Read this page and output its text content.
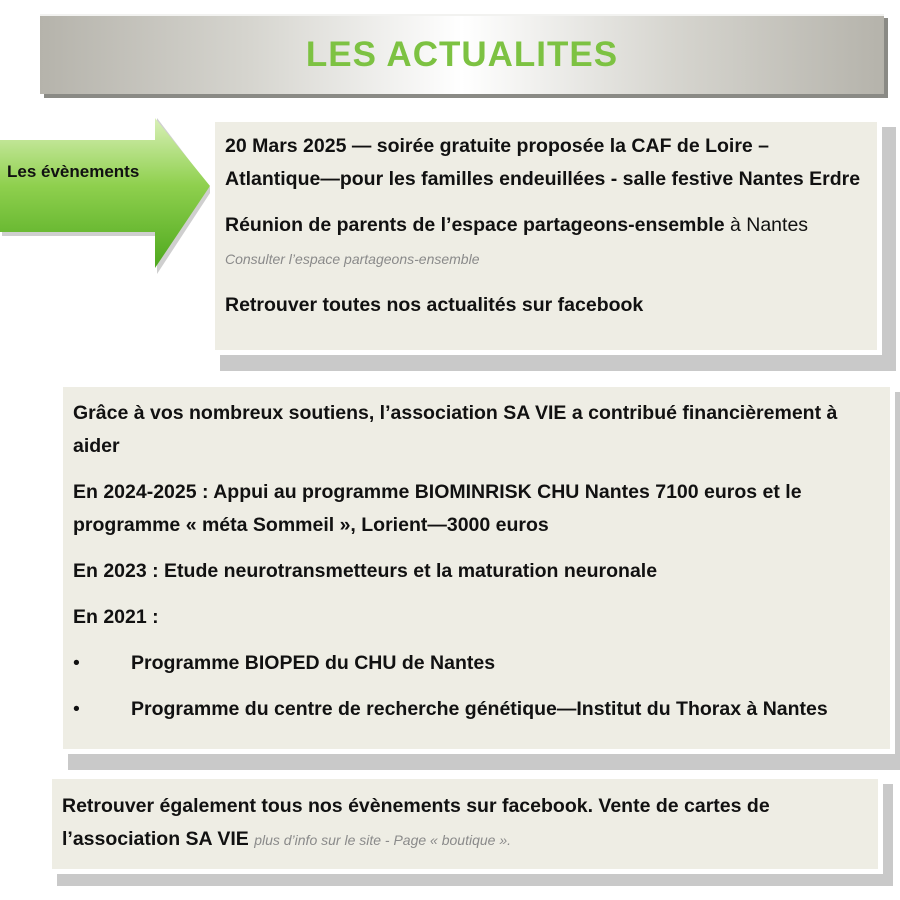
LES ACTUALITES
Les évènements

20 Mars 2025 — soirée gratuite proposée la CAF de Loire – Atlantique—pour les familles endeuillées - salle festive Nantes Erdre

Réunion de parents de l’espace partageons-ensemble à Nantes Consulter l’espace partageons-ensemble

Retrouver toutes nos actualités sur facebook

Grâce à vos nombreux soutiens, l’association SA VIE a contribué financièrement à aider

En 2024-2025 : Appui au programme BIOMINRISK CHU Nantes 7100 euros et le programme « méta Sommeil », Lorient—3000 euros

En 2023 : Etude neurotransmetteurs et la maturation neuronale

En 2021 :

•	Programme BIOPED du CHU de Nantes
•	Programme du centre de recherche génétique—Institut du Thorax à Nantes

Retrouver également tous nos évènements sur facebook. Vente de cartes de l’association SA VIE plus d’info sur le site - Page « boutique ».
